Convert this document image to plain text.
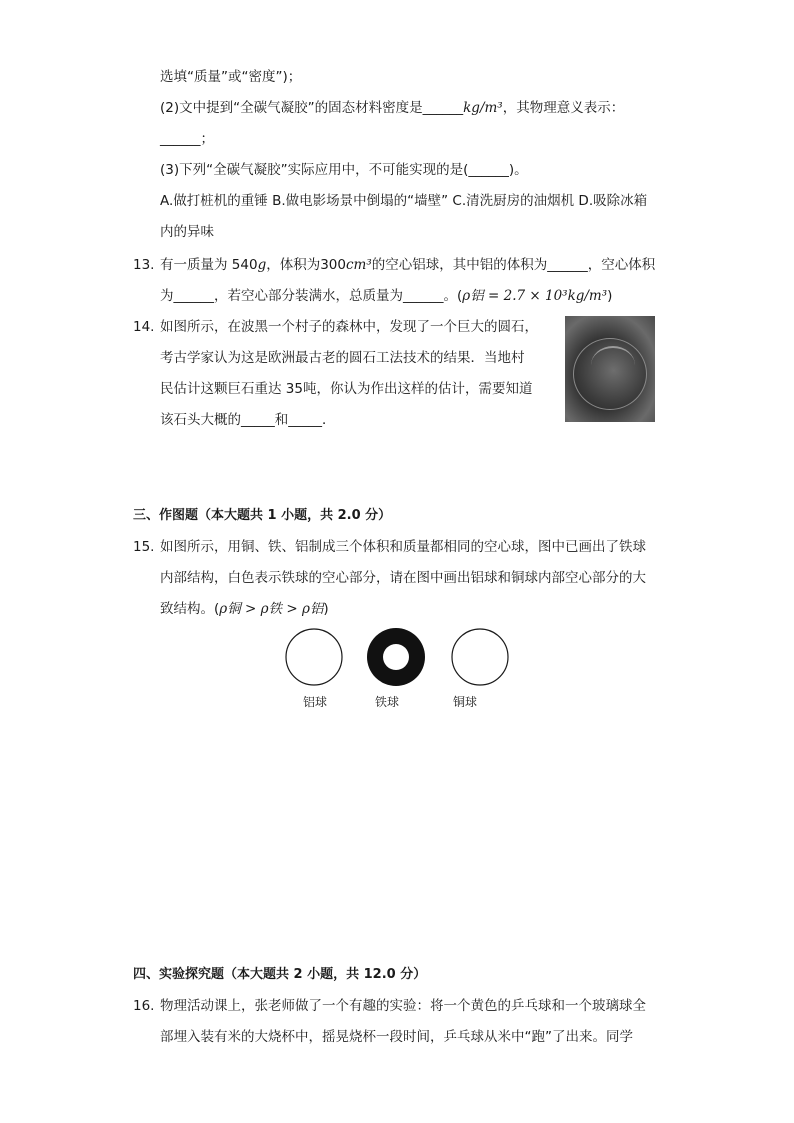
选填“质量”或“密度”)；
(2)文中提到“全碳气凝胶”的固态材料密度是______kg/m³，其物理意义表示：
______；
(3)下列“全碳气凝胶”实际应用中，不可能实现的是(______)。
A.做打桩机的重锤 B.做电影场景中倒塌的“墙壁” C.清洗厨房的油烟机 D.吸除冰箱
内的异味
13. 有一质量为 540g，体积为300cm³的空心铝球，其中铝的体积为______，空心体积
为______，若空心部分装满水，总质量为______。(ρ铝 = 2.7 × 10³kg/m³)
14. 如图所示，在波黑一个村子的森林中，发现了一个巨大的圆石，
考古学家认为这是欧洲最古老的圆石工法技术的结果．当地村
民估计这颗巨石重达 35吨，你认为作出这样的估计，需要知道
该石头大概的_____和_____．
三、作图题（本大题共 1 小题，共 2.0 分）
15. 如图所示，用铜、铁、铝制成三个体积和质量都相同的空心球，图中已画出了铁球
内部结构，白色表示铁球的空心部分，请在图中画出铝球和铜球内部空心部分的大
致结构。(ρ铜 > ρ铁 > ρ铝)
铝球	铁球	铜球
四、实验探究题（本大题共 2 小题，共 12.0 分）
16. 物理活动课上，张老师做了一个有趣的实验：将一个黄色的乒乓球和一个玻璃球全
部埋入装有米的大烧杯中，摇晃烧杯一段时间，乒乓球从米中“跑”了出来。同学
